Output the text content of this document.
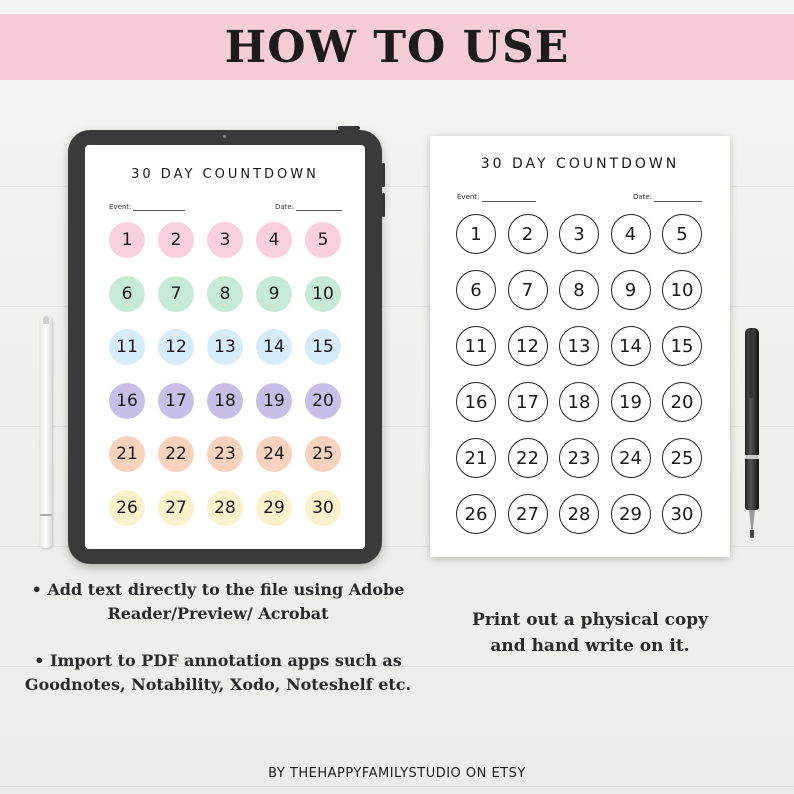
HOW TO USE
30 DAY COUNTDOWN
Event:	Date:
1	2	3	4	5
6	7	8	9	10
11	12	13	14	15
16	17	18	19	20
21	22	23	24	25
26	27	28	29	30
30 DAY COUNTDOWN
Event:	Date:
1	2	3	4	5
6	7	8	9	10
11	12	13	14	15
16	17	18	19	20
21	22	23	24	25
26	27	28	29	30
• Add text directly to the file using Adobe
Reader/Preview/ Acrobat
• Import to PDF annotation apps such as
Goodnotes, Notability, Xodo, Noteshelf etc.
Print out a physical copy
and hand write on it.
BY THEHAPPYFAMILYSTUDIO ON ETSY
